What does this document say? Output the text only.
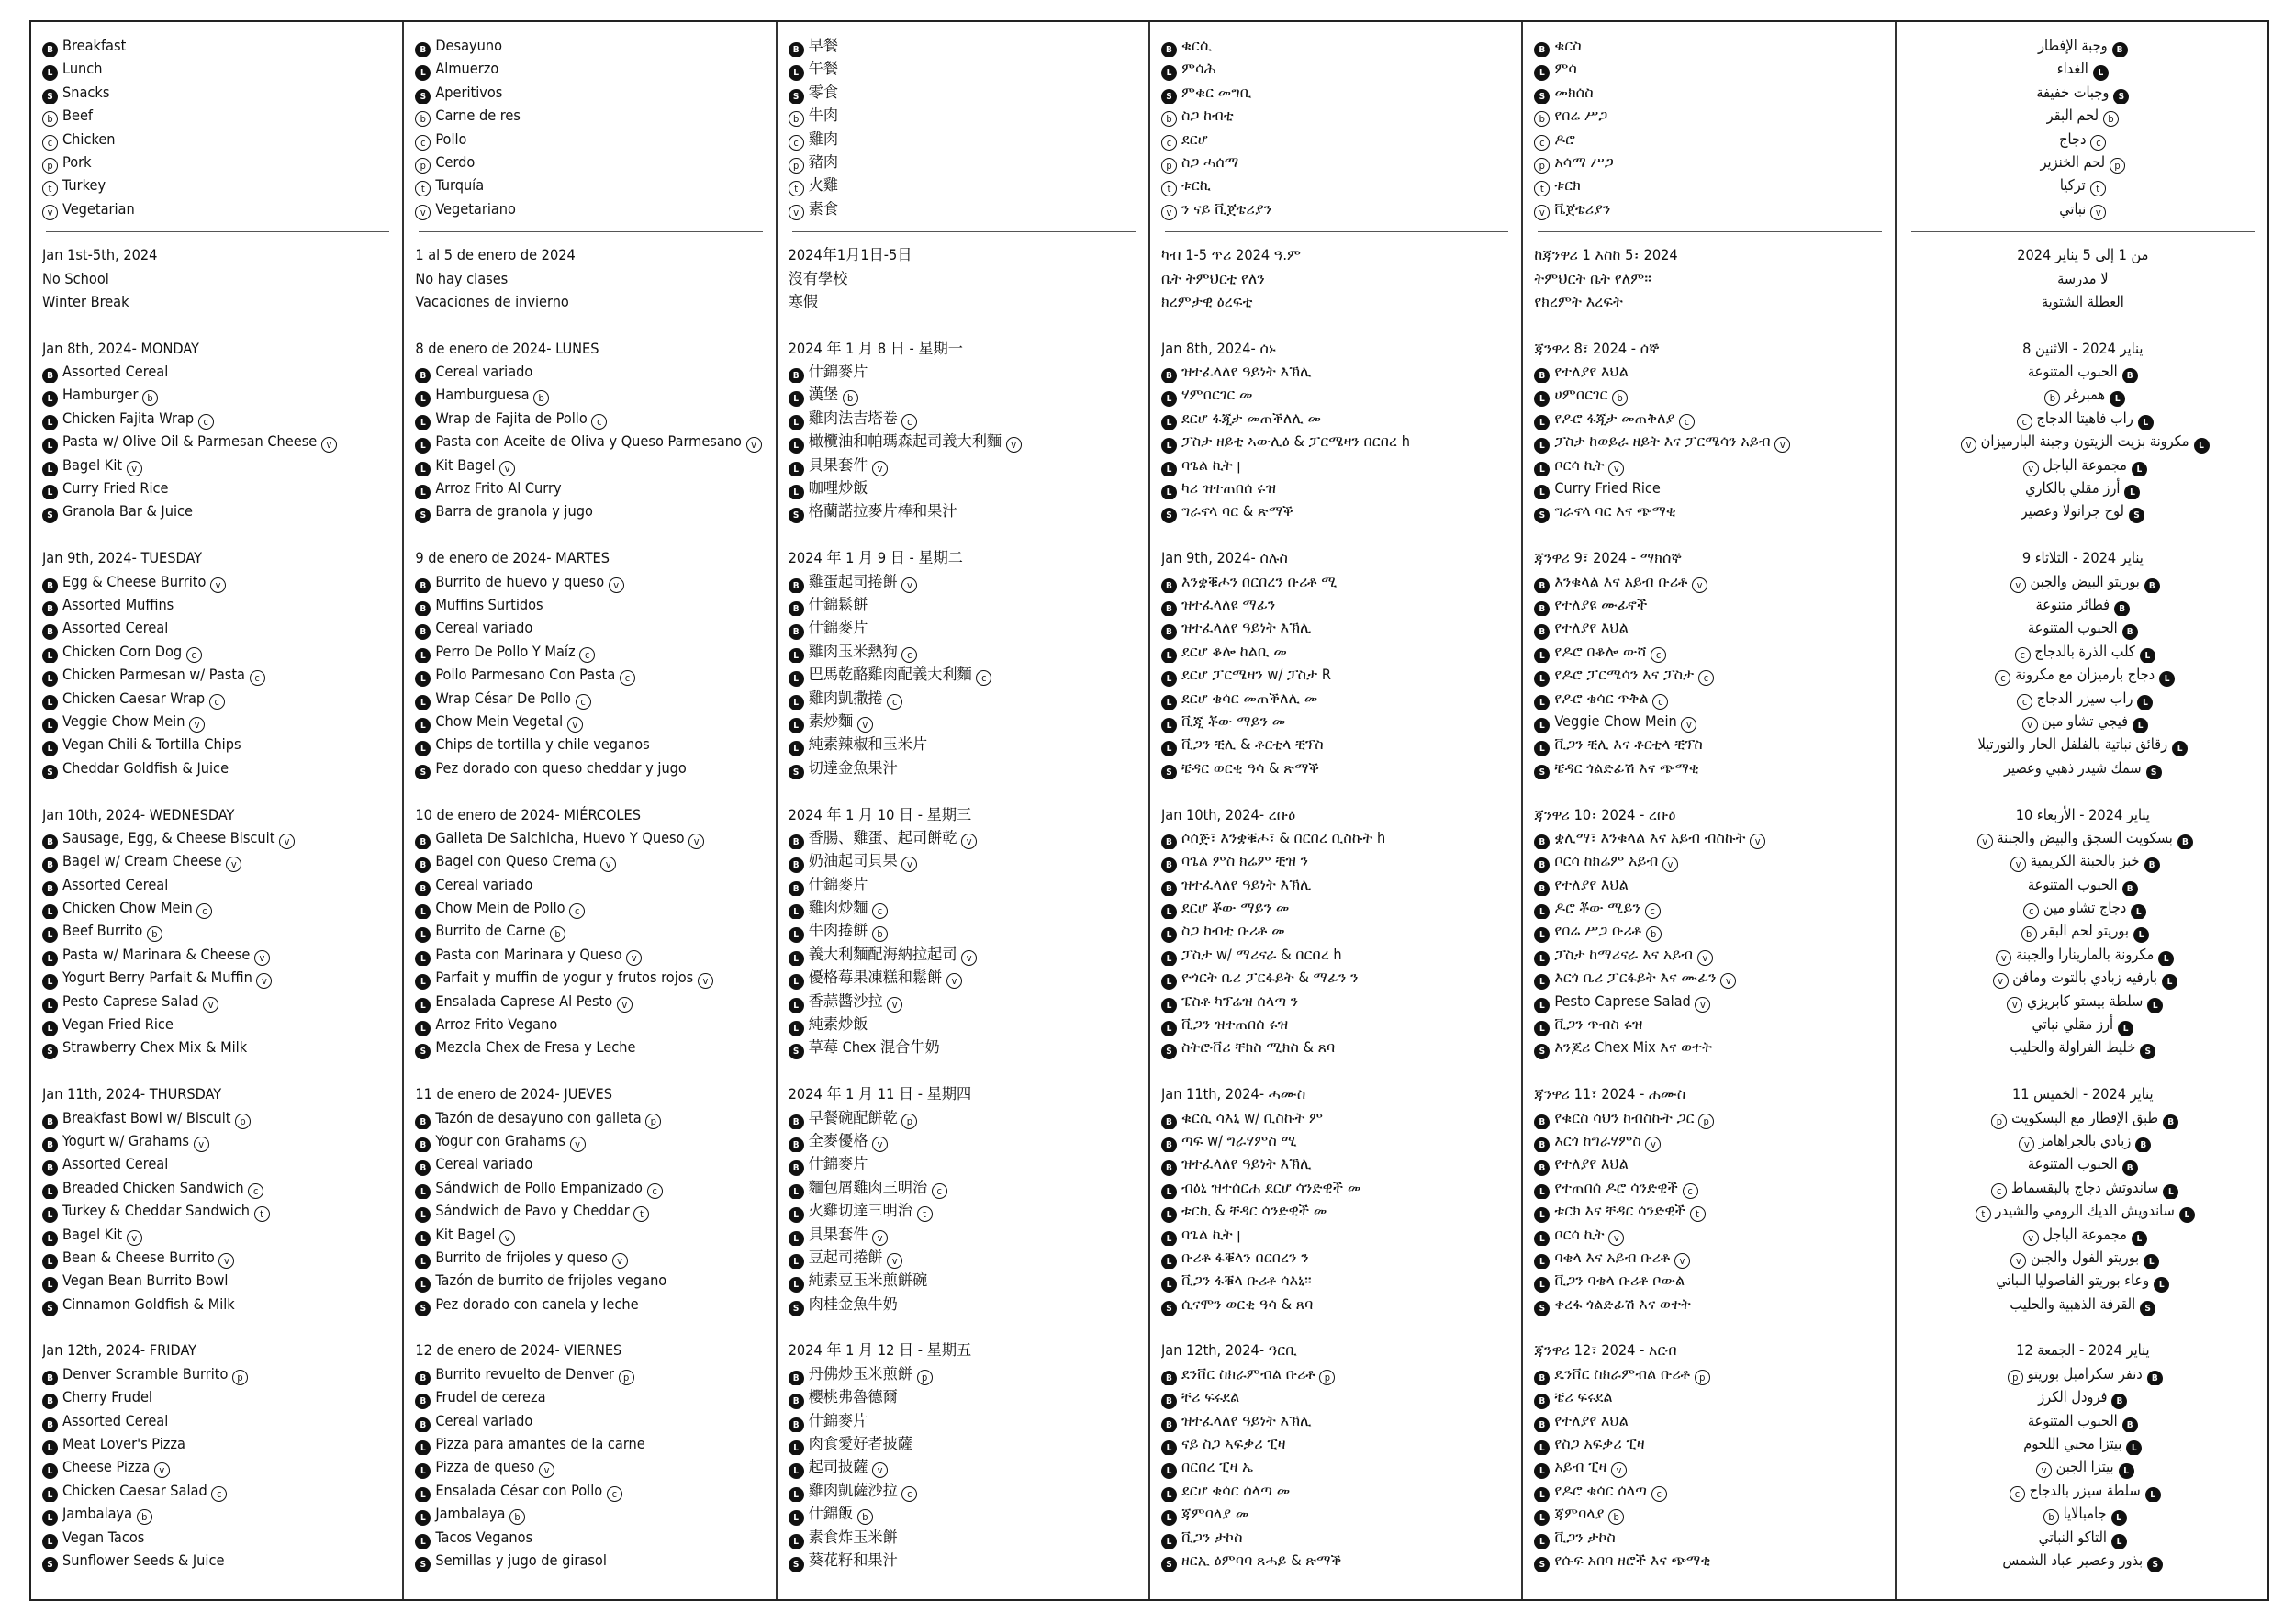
B Breakfast
L Lunch
S Snacks
b Beef
c Chicken
p Pork
t Turkey
v Vegetarian
Jan 1st-5th, 2024
No School
Winter Break
Jan 8th, 2024- MONDAY
B Assorted Cereal
L Hamburger b
L Chicken Fajita Wrap c
L Pasta w/ Olive Oil & Parmesan Cheese v
L Bagel Kit v
L Curry Fried Rice
S Granola Bar & Juice
Jan 9th, 2024- TUESDAY
B Egg & Cheese Burrito v
B Assorted Muffins
B Assorted Cereal
L Chicken Corn Dog c
L Chicken Parmesan w/ Pasta c
L Chicken Caesar Wrap c
L Veggie Chow Mein v
L Vegan Chili & Tortilla Chips
S Cheddar Goldfish & Juice
Jan 10th, 2024- WEDNESDAY
B Sausage, Egg, & Cheese Biscuit v
B Bagel w/ Cream Cheese v
B Assorted Cereal
L Chicken Chow Mein c
L Beef Burrito b
L Pasta w/ Marinara & Cheese v
L Yogurt Berry Parfait & Muffin v
L Pesto Caprese Salad v
L Vegan Fried Rice
S Strawberry Chex Mix & Milk
Jan 11th, 2024- THURSDAY
B Breakfast Bowl w/ Biscuit p
B Yogurt w/ Grahams v
B Assorted Cereal
L Breaded Chicken Sandwich c
L Turkey & Cheddar Sandwich t
L Bagel Kit v
L Bean & Cheese Burrito v
L Vegan Bean Burrito Bowl
S Cinnamon Goldfish & Milk
Jan 12th, 2024- FRIDAY
B Denver Scramble Burrito p
B Cherry Frudel
B Assorted Cereal
L Meat Lover's Pizza
L Cheese Pizza v
L Chicken Caesar Salad c
L Jambalaya b
L Vegan Tacos
S Sunflower Seeds & Juice
B Desayuno
L Almuerzo
S Aperitivos
b Carne de res
c Pollo
p Cerdo
t Turquía
v Vegetariano
1 al 5 de enero de 2024
No hay clases
Vacaciones de invierno
8 de enero de 2024- LUNES
B Cereal variado
L Hamburguesa b
L Wrap de Fajita de Pollo c
L Pasta con Aceite de Oliva y Queso Parmesano v
L Kit Bagel v
L Arroz Frito Al Curry
S Barra de granola y jugo
9 de enero de 2024- MARTES
B Burrito de huevo y queso v
B Muffins Surtidos
B Cereal variado
L Perro De Pollo Y Maíz c
L Pollo Parmesano Con Pasta c
L Wrap César De Pollo c
L Chow Mein Vegetal v
L Chips de tortilla y chile veganos
S Pez dorado con queso cheddar y jugo
10 de enero de 2024- MIÉRCOLES
B Galleta De Salchicha, Huevo Y Queso v
B Bagel con Queso Crema v
B Cereal variado
L Chow Mein de Pollo c
L Burrito de Carne b
L Pasta con Marinara y Queso v
L Parfait y muffin de yogur y frutos rojos v
L Ensalada Caprese Al Pesto v
L Arroz Frito Vegano
S Mezcla Chex de Fresa y Leche
11 de enero de 2024- JUEVES
B Tazón de desayuno con galleta p
B Yogur con Grahams v
B Cereal variado
L Sándwich de Pollo Empanizado c
L Sándwich de Pavo y Cheddar t
L Kit Bagel v
L Burrito de frijoles y queso v
L Tazón de burrito de frijoles vegano
S Pez dorado con canela y leche
12 de enero de 2024- VIERNES
B Burrito revuelto de Denver p
B Frudel de cereza
B Cereal variado
L Pizza para amantes de la carne
L Pizza de queso v
L Ensalada César con Pollo c
L Jambalaya b
L Tacos Veganos
S Semillas y jugo de girasol
B 早餐
L 午餐
S 零食
b 牛肉
c 雞肉
p 豬肉
t 火雞
v 素食
2024年1月1日-5日
沒有學校
寒假
2024 年 1 月 8 日 - 星期一
B 什錦麥片
L 漢堡 b
L 雞肉法吉塔卷 c
L 橄欖油和帕瑪森起司義大利麵 v
L 貝果套件 v
L 咖哩炒飯
S 格蘭諾拉麥片棒和果汁
2024 年 1 月 9 日 - 星期二
B 雞蛋起司捲餅 v
B 什錦鬆餅
B 什錦麥片
L 雞肉玉米熱狗 c
L 巴馬乾酪雞肉配義大利麵 c
L 雞肉凱撒捲 c
L 素炒麵 v
L 純素辣椒和玉米片
S 切達金魚果汁
2024 年 1 月 10 日 - 星期三
B 香腸、雞蛋、起司餅乾 v
B 奶油起司貝果 v
B 什錦麥片
L 雞肉炒麵 c
L 牛肉捲餅 b
L 義大利麵配海納拉起司 v
L 優格莓果凍糕和鬆餅 v
L 香蒜醬沙拉 v
L 純素炒飯
S 草莓 Chex 混合牛奶
2024 年 1 月 11 日 - 星期四
B 早餐碗配餅乾 p
B 全麥優格 v
B 什錦麥片
L 麵包屑雞肉三明治 c
L 火雞切達三明治 t
L 貝果套件 v
L 豆起司捲餅 v
L 純素豆玉米煎餅碗
S 肉桂金魚牛奶
2024 年 1 月 12 日 - 星期五
B 丹佛炒玉米煎餅 p
B 櫻桃弗魯德爾
B 什錦麥片
L 肉食愛好者披薩
L 起司披薩 v
L 雞肉凱薩沙拉 c
L 什錦飯 b
L 素食炸玉米餅
S 葵花籽和果汁
B ቁርሲ
L ምሳሕ
S ምቁር መግቢ
b ስጋ ከብቲ
c ደርሆ
p ስጋ ሓሰማ
t ቱርኪ
v ን ናይ ቪጀቴሪያን
ካብ 1-5 ጥሪ 2024 ዓ.ም
ቤት ትምህርቲ የለን
ክረምታዊ ዕረፍቲ
Jan 8th, 2024- ሰኑ
B ዝተፈላለየ ዓይነት እኽሊ
L ሃምበርገር መ
L ደርሆ ፋጂታ መጠቕለሊ መ
L ፓስታ ዘይቲ ኣውሊዕ & ፓርሜዛን በርበረ h
L ባጌል ኪት ꞁ
L ካሪ ዝተጠበሰ ሩዝ
S ግራኖላ ባር & ጽማቕ
Jan 9th, 2024- ሰሉስ
B እንቋቑሖን በርበረን ቡሪቶ ሚ
B ዝተፈላለዩ ማፊን
B ዝተፈላለየ ዓይነት እኽሊ
L ደርሆ ቆሎ ከልቢ መ
L ደርሆ ፓርሜዛን w/ ፓስታ R
L ደርሆ ቄሳር መጠቕለሊ መ
L ቪጂ ቾው ማይን መ
L ቪጋን ቺሊ & ቶርቲላ ቺፕስ
S ቼዳር ወርቂ ዓሳ & ጽማቕ
Jan 10th, 2024- ረቡዕ
B ሶሰጅ፣ እንቋቑሖ፣ & በርበረ ቢስኩት h
B ባጌል ምስ ክሬም ቺዝ ን
B ዝተፈላለየ ዓይነት እኽሊ
L ደርሆ ቾው ማይን መ
L ስጋ ከብቲ ቡሪቶ መ
L ፓስታ w/ ማሪናራ & በርበረ h
L ዮጎርት ቤሪ ፓርፋይት & ማፊን ን
L ፔስቶ ካፕሬዝ ሰላጣ ን
L ቪጋን ዝተጠበሰ ሩዝ
S ስትሮቭሪ ቸክስ ሚክስ & ጸባ
Jan 11th, 2024- ሓሙስ
B ቁርሲ ሳእኒ w/ ቢስኩት ም
B ጣፍ w/ ግራሃምስ ሚ
B ዝተፈላለየ ዓይነት እኽሊ
L ብዕኒ ዝተሰርሐ ደርሆ ሳንድዊች መ
L ቱርኪ & ቸዳር ሳንድዊች መ
L ባጌል ኪት ꞁ
L ቡሪቶ ፋቑላን በርበረን ን
L ቪጋን ፋቑላ ቡሪቶ ሳእኒ።
S ሲናሞን ወርቂ ዓሳ & ጸባ
Jan 12th, 2024- ዓርቢ
B ደንቨር ስክራምብል ቡሪቶ p
B ቸሪ ፍሩደል
B ዝተፈላለየ ዓይነት እኽሊ
L ናይ ስጋ ኣፍቃሪ ፒዛ
L በርበረ ፒዛ ኤ
L ደርሆ ቄሳር ሰላጣ መ
L ጃምባላያ መ
L ቪጋን ታኮስ
S ዘርኢ ዕምባባ ጸሓይ & ጽማቕ
B ቁርስ
L ምሳ
S መክሰስ
b የበሬ ሥጋ
c ዶሮ
p አሳማ ሥጋ
t ቱርክ
v ቬጀቴሪያን
ከጃንዋሪ 1 እስከ 5፣ 2024
ትምህርት ቤት የለም።
የክረምት እረፍት
ጃንዋሪ 8፣ 2024 - ሰኞ
B የተለያየ እህል
L ሀምበርገር b
L የዶሮ ፋጂታ መጠቅለያ c
L ፓስታ ከወይራ ዘይት እና ፓርሜሳን አይብ v
L ቦርሳ ኪት v
L Curry Fried Rice
S ግራኖላ ባር እና ጭማቂ
ጃንዋሪ 9፣ 2024 - ማክሰኞ
B እንቁላል እና አይብ ቡሪቶ v
B የተለያዩ ሙፊኖች
B የተለያየ እህል
L የዶሮ በቆሎ ውሻ c
L የዶሮ ፓርሜሳን እና ፓስታ c
L የዶሮ ቄሳር ጥቅል c
L Veggie Chow Mein v
L ቪጋን ቺሊ እና ቶርቲላ ቺፕስ
S ቼዳር ጎልድፊሽ እና ጭማቂ
ጃንዋሪ 10፣ 2024 - ረቡዕ
B ቋሊማ፣ እንቁላል እና አይብ ብስኩት v
B ቦርሳ ከክሬም አይብ v
B የተለያየ እህል
L ዶሮ ቾው ሚይን c
L የበሬ ሥጋ ቡሪቶ b
L ፓስታ ከማሪናራ እና አይብ v
L እርጎ ቤሪ ፓርፋይት እና ሙፊን v
L Pesto Caprese Salad v
L ቪጋን ጥብስ ሩዝ
S እንጆሪ Chex Mix እና ወተት
ጃንዋሪ 11፣ 2024 - ሐሙስ
B የቁርስ ሳህን ከብስኩት ጋር p
B እርጎ ከግራሃምስ v
B የተለያየ እህል
L የተጠበሰ ዶሮ ሳንድዊች c
L ቱርክ እና ቸዳር ሳንድዊች t
L ቦርሳ ኪት v
L ባቄላ እና አይብ ቡሪቶ v
L ቪጋን ባቄላ ቡሪቶ ቦውል
S ቀረፋ ጎልድፊሽ እና ወተት
ጃንዋሪ 12፣ 2024 - አርብ
B ዴንቨር ስክራምብል ቡሪቶ p
B ቼሪ ፍሩደል
B የተለያየ እህል
L የስጋ አፍቃሪ ፒዛ
L አይብ ፒዛ v
L የዶሮ ቄሳር ሰላጣ c
L ጃምባላያ b
L ቪጋን ታኮስ
S የሱፍ አበባ ዘሮች እና ጭማቂ
Bوجبة الإفطار
Lالغداء
Sوجبات خفيفة
bلحم البقر
cدجاج
pلحم الخنزير
tتركيا
vنباتي
من 1 إلى 5 يناير 2024
لا مدرسة
العطلة الشتوية
يناير 2024 - الاثنين 8
Bالحبوب المتنوعة
Lهمبرغر b
Lراب فاهيتا الدجاج c
Lمكرونة بزيت الزيتون وجبنة البارميزان v
Lمجموعة الباجل v
Lأرز مقلي بالكاري
Sلوح جرانولا وعصير
يناير 2024 - الثلاثاء 9
Bبوريتو البيض والجبن v
Bفطائر متنوعة
Bالحبوب المتنوعة
Lكلب الذرة بالدجاج c
Lدجاج بارميزان مع مكرونة c
Lراب سيزر الدجاج c
Lفيجي تشاو مين v
Lرقائق نباتية بالفلفل الحار والتورتيلا
Sسمك شيدر ذهبي وعصير
يناير 2024 - الأربعاء 10
Bبسكويت السجق والبيض والجبنة v
Bخبز بالجبنة الكريمية v
Bالحبوب المتنوعة
Lدجاج تشاو مين c
Lبوريتو لحم البقر b
Lمكرونة بالمارينارا والجبنة v
Lبارفيه زبادي بالتوت ومافن v
Lسلطة بيستو كابريزي v
Lأرز مقلي نباتي
Sخليط الفراولة والحليب
يناير 2024 - الخميس 11
Bطبق الإفطار مع البسكويت p
Bزبادي بالجراهامز v
Bالحبوب المتنوعة
Lساندوتش دجاج بالبقسماط c
Lساندويش الديك الرومي والشيدر t
Lمجموعة الباجل v
Lبوريتو الفول والجبن v
Lوعاء بوريتو الفاصوليا النباتي
Sالقرفة الذهبية والحليب
يناير 2024 - الجمعة 12
Bدنفر سكرامبل بوريتو p
Bفرودل الكرز
Bالحبوب المتنوعة
Lبيتزا محبي اللحوم
Lبيتزا الجبن v
Lسلطة سيزر بالدجاج c
Lجامبالايا b
Lالتاكو النباتي
Sبذور وعصير عباد الشمس
